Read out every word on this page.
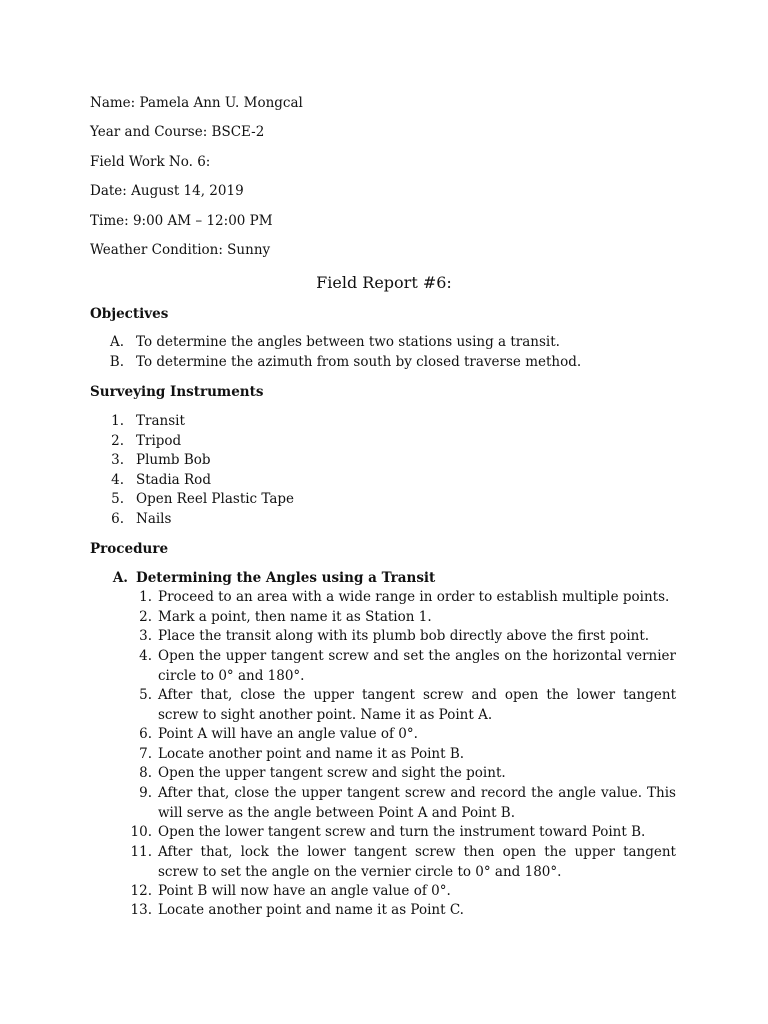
Name: Pamela Ann U. Mongcal
Year and Course: BSCE-2
Field Work No. 6:
Date: August 14, 2019
Time: 9:00 AM – 12:00 PM
Weather Condition: Sunny
Field Report #6:
Objectives
A. To determine the angles between two stations using a transit.
B. To determine the azimuth from south by closed traverse method.
Surveying Instruments
1. Transit
2. Tripod
3. Plumb Bob
4. Stadia Rod
5. Open Reel Plastic Tape
6. Nails
Procedure
A. Determining the Angles using a Transit
1. Proceed to an area with a wide range in order to establish multiple points.
2. Mark a point, then name it as Station 1.
3. Place the transit along with its plumb bob directly above the first point.
4. Open the upper tangent screw and set the angles on the horizontal vernier circle to 0° and 180°.
5. After that, close the upper tangent screw and open the lower tangent screw to sight another point. Name it as Point A.
6. Point A will have an angle value of 0°.
7. Locate another point and name it as Point B.
8. Open the upper tangent screw and sight the point.
9. After that, close the upper tangent screw and record the angle value. This will serve as the angle between Point A and Point B.
10. Open the lower tangent screw and turn the instrument toward Point B.
11. After that, lock the lower tangent screw then open the upper tangent screw to set the angle on the vernier circle to 0° and 180°.
12. Point B will now have an angle value of 0°.
13. Locate another point and name it as Point C.
